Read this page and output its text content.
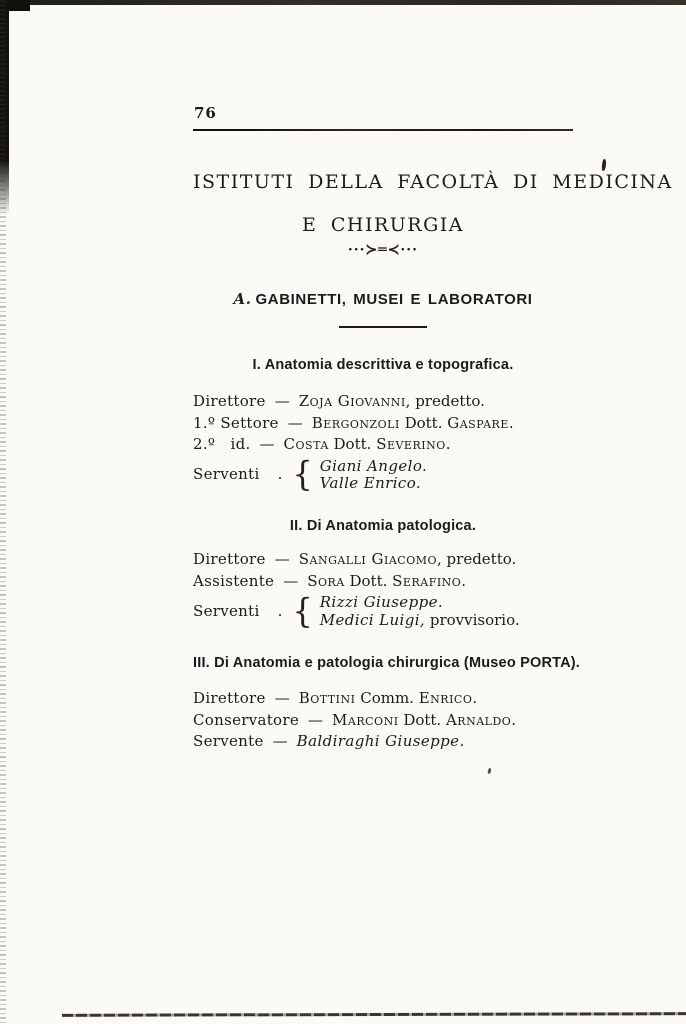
76
ISTITUTI DELLA FACOLTÀ DI MEDICINA
E CHIRURGIA
···≻═≺···
A. GABINETTI, MUSEI E LABORATORI
I. Anatomia descrittiva e topografica.
Direttore — Zoja Giovanni, predetto.
1.º Settore — Bergonzoli Dott. Gaspare.
2.º   id. — Costa Dott. Severino.
Serventi . { Giani Angelo.
Valle Enrico.
II. Di Anatomia patologica.
Direttore — Sangalli Giacomo, predetto.
Assistente — Sora Dott. Serafino.
Serventi . { Rizzi Giuseppe.
Medici Luigi, provvisorio.
III. Di Anatomia e patologia chirurgica (Museo PORTA).
Direttore — Bottini Comm. Enrico.
Conservatore — Marconi Dott. Arnaldo.
Servente — Baldiraghi Giuseppe.
